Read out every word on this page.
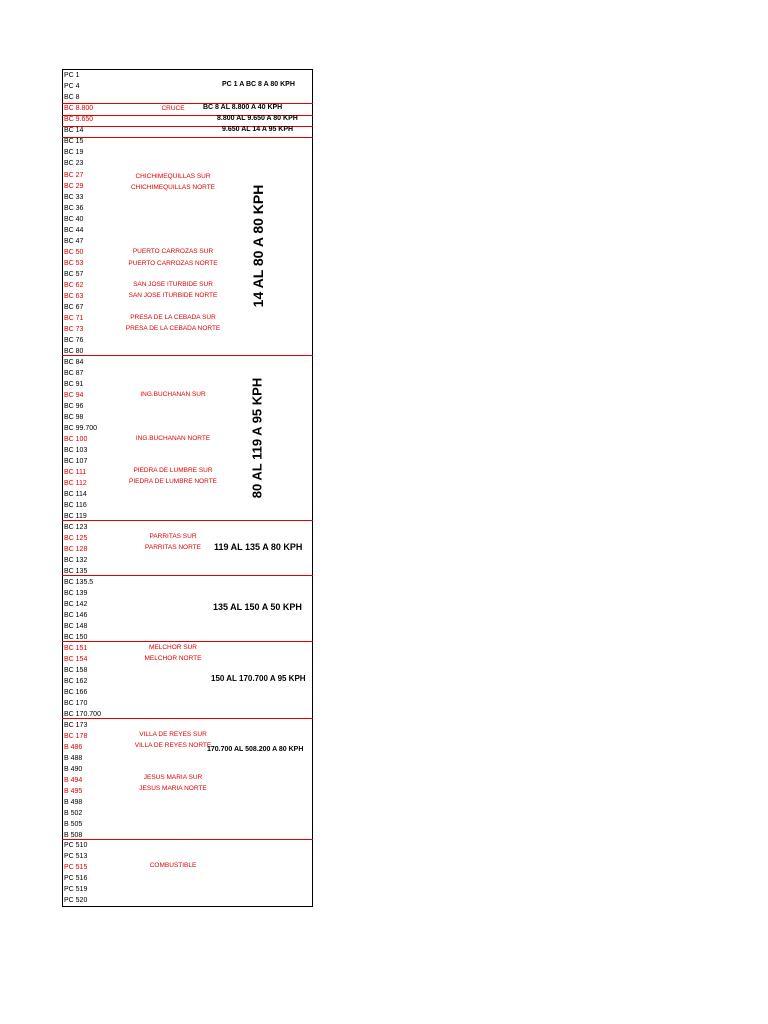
PC 1
PC 4
BC 8
BC 8.800
BC 9.650
BC 14
BC 15
BC 19
BC 23
BC 27
BC 29
BC 33
BC 36
BC 40
BC 44
BC 47
BC 50
BC 53
BC 57
BC 62
BC 63
BC 67
BC 71
BC 73
BC 76
BC 80
BC 84
BC 87
BC 91
BC 94
BC 96
BC 98
BC 99.700
BC 100
BC 103
BC 107
BC 111
BC 112
BC 114
BC 116
BC 119
BC 123
BC 125
BC 128
BC 132
BC 135
BC 135.5
BC 139
BC 142
BC 146
BC 148
BC 150
BC 151
BC 154
BC 158
BC 162
BC 166
BC 170
BC 170.700
BC 173
BC 178
B 486
B 488
B 490
B 494
B 495
B 498
B 502
B 505
B 508
PC 510
PC 513
PC 515
PC 516
PC 519
PC 520
CRUCE
CHICHIMEQUILLAS SUR
CHICHIMEQUILLAS NORTE
PUERTO CARROZAS SUR
PUERTO CARROZAS NORTE
SAN JOSE ITURBIDE SUR
SAN JOSE ITURBIDE NORTE
PRESA DE LA CEBADA SUR
PRESA DE LA CEBADA NORTE
ING.BUCHANAN SUR
ING.BUCHANAN NORTE
PIEDRA DE LUMBRE SUR
PIEDRA DE LUMBRE NORTE
PARRITAS SUR
PARRITAS NORTE
MELCHOR SUR
MELCHOR NORTE
VILLA DE REYES SUR
VILLA DE REYES NORTE
JESUS MARIA SUR
JESUS MARIA NORTE
COMBUSTIBLE
PC 1 A BC 8 A 80 KPH
BC 8 AL 8.800 A 40 KPH
8.800 AL 9.650 A 80 KPH
9.650 AL 14 A 95 KPH
14 AL 80 A 80 KPH
80 AL 119 A 95 KPH
119 AL 135 A 80 KPH
135 AL 150 A 50 KPH
150 AL 170.700 A 95 KPH
170.700 AL 508.200 A 80 KPH
